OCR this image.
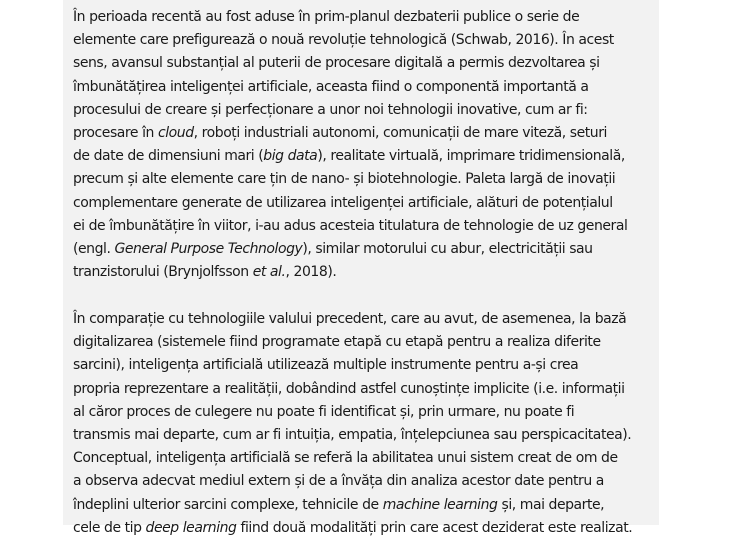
În perioada recentă au fost aduse în prim-planul dezbaterii publice o serie de
elemente care prefigurează o nouă revoluție tehnologică (Schwab, 2016). În acest
sens, avansul substanțial al puterii de procesare digitală a permis dezvoltarea și
îmbunătățirea inteligenței artificiale, aceasta fiind o componentă importantă a
procesului de creare și perfecționare a unor noi tehnologii inovative, cum ar fi:
procesare în cloud, roboți industriali autonomi, comunicații de mare viteză, seturi
de date de dimensiuni mari (big data), realitate virtuală, imprimare tridimensională,
precum și alte elemente care țin de nano- și biotehnologie. Paleta largă de inovații
complementare generate de utilizarea inteligenței artificiale, alături de potențialul
ei de îmbunătățire în viitor, i-au adus acesteia titulatura de tehnologie de uz general
(engl. General Purpose Technology), similar motorului cu abur, electricității sau
tranzistorului (Brynjolfsson et al., 2018).

În comparație cu tehnologiile valului precedent, care au avut, de asemenea, la bază
digitalizarea (sistemele fiind programate etapă cu etapă pentru a realiza diferite
sarcini), inteligența artificială utilizează multiple instrumente pentru a-și crea
propria reprezentare a realității, dobândind astfel cunoștințe implicite (i.e. informații
al căror proces de culegere nu poate fi identificat și, prin urmare, nu poate fi
transmis mai departe, cum ar fi intuiția, empatia, înțelepciunea sau perspicacitatea).
Conceptual, inteligența artificială se referă la abilitatea unui sistem creat de om de
a observa adecvat mediul extern și de a învăța din analiza acestor date pentru a
îndeplini ulterior sarcini complexe, tehnicile de machine learning și, mai departe,
cele de tip deep learning fiind două modalități prin care acest deziderat este realizat.
